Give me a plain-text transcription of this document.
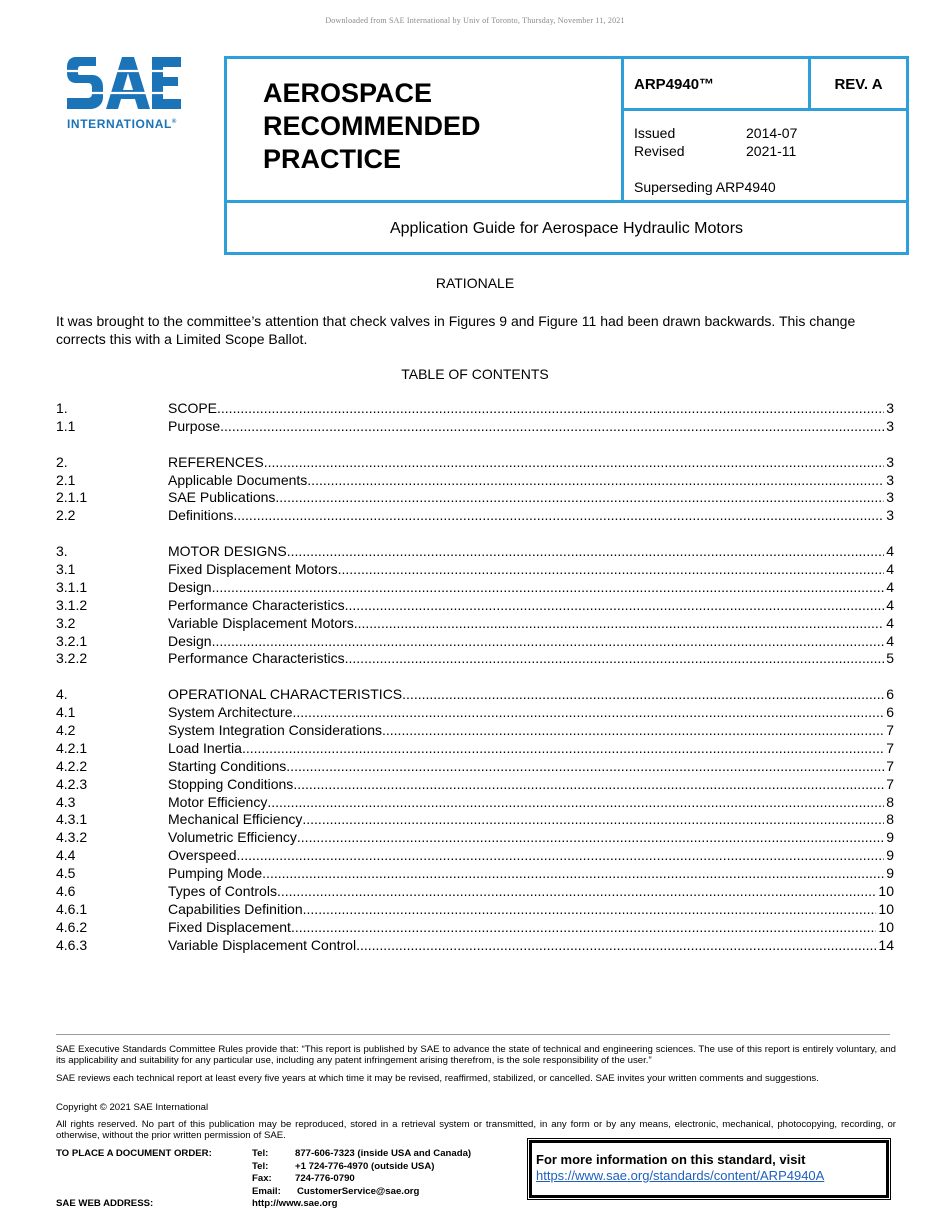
Downloaded from SAE International by Univ of Toronto, Thursday, November 11, 2021
INTERNATIONAL®
AEROSPACE
RECOMMENDED PRACTICE
ARP4940™	REV. A
Issued	2014-07
Revised	2021-11
Superseding ARP4940
Application Guide for Aerospace Hydraulic Motors
RATIONALE

It was brought to the committee’s attention that check valves in Figures 9 and Figure 11 had been drawn backwards. This change corrects this with a Limited Scope Ballot.

TABLE OF CONTENTS
1.	SCOPE .....	3
1.1	Purpose .....	3
2.	REFERENCES .....	3
2.1	Applicable Documents .....	3
2.1.1	SAE Publications .....	3
2.2	Definitions .....	3
3.	MOTOR DESIGNS .....	4
3.1	Fixed Displacement Motors .....	4
3.1.1	Design .....	4
3.1.2	Performance Characteristics .....	4
3.2	Variable Displacement Motors .....	4
3.2.1	Design .....	4
3.2.2	Performance Characteristics .....	5
4.	OPERATIONAL CHARACTERISTICS .....	6
4.1	System Architecture .....	6
4.2	System Integration Considerations .....	7
4.2.1	Load Inertia .....	7
4.2.2	Starting Conditions .....	7
4.2.3	Stopping Conditions .....	7
4.3	Motor Efficiency .....	8
4.3.1	Mechanical Efficiency .....	8
4.3.2	Volumetric Efficiency .....	9
4.4	Overspeed .....	9
4.5	Pumping Mode .....	9
4.6	Types of Controls .....	10
4.6.1	Capabilities Definition .....	10
4.6.2	Fixed Displacement .....	10
4.6.3	Variable Displacement Control .....	14

SAE Executive Standards Committee Rules provide that: “This report is published by SAE to advance the state of technical and engineering sciences. The use of this report is entirely voluntary, and its applicability and suitability for any particular use, including any patent infringement arising therefrom, is the sole responsibility of the user.”

SAE reviews each technical report at least every five years at which time it may be revised, reaffirmed, stabilized, or cancelled. SAE invites your written comments and suggestions.

Copyright © 2021 SAE International

All rights reserved. No part of this publication may be reproduced, stored in a retrieval system or transmitted, in any form or by any means, electronic, mechanical, photocopying, recording, or otherwise, without the prior written permission of SAE.

TO PLACE A DOCUMENT ORDER:	Tel:	877-606-7323 (inside USA and Canada)
Tel:	+1 724-776-4970 (outside USA)
Fax: 724-776-0790
Email: CustomerService@sae.org
SAE WEB ADDRESS:	http://www.sae.org
For more information on this standard, visit
https://www.sae.org/standards/content/ARP4940A
